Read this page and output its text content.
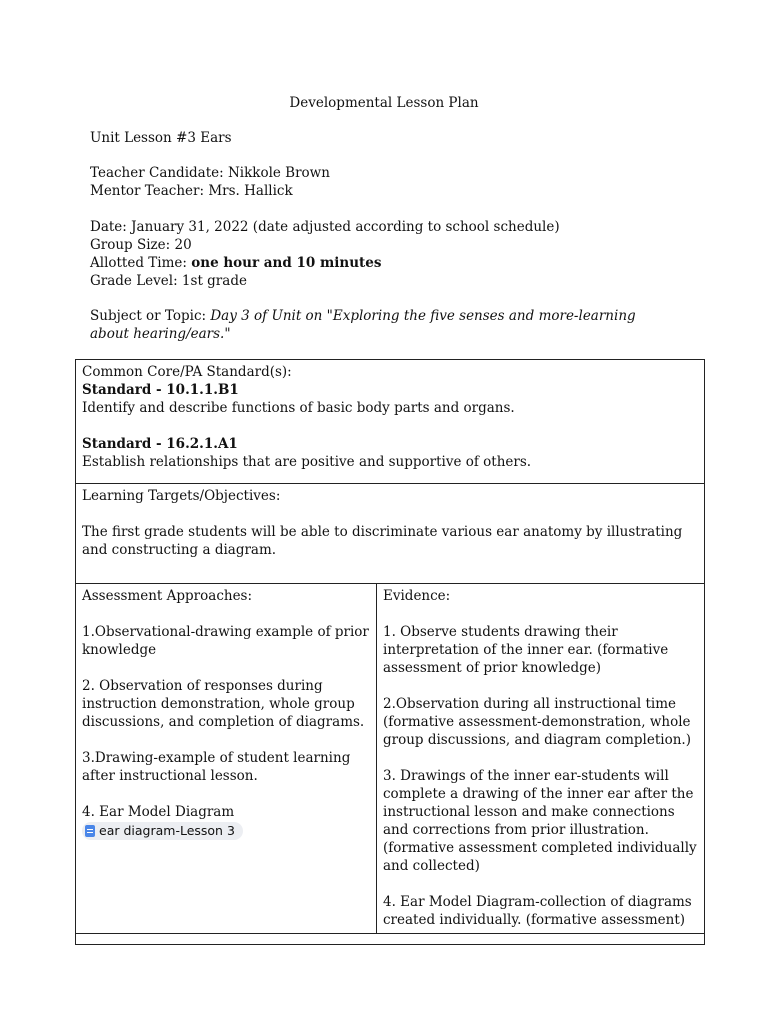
Developmental Lesson Plan
Unit Lesson #3 Ears
Teacher Candidate: Nikkole Brown
Mentor Teacher: Mrs. Hallick
Date: January 31, 2022 (date adjusted according to school schedule)
Group Size: 20
Allotted Time: one hour and 10 minutes
Grade Level: 1st grade
Subject or Topic: Day 3 of Unit on "Exploring the five senses and more-learning about hearing/ears."
Common Core/PA Standard(s):
Standard - 10.1.1.B1
Identify and describe functions of basic body parts and organs.
Standard - 16.2.1.A1
Establish relationships that are positive and supportive of others.

Learning Targets/Objectives:
The first grade students will be able to discriminate various ear anatomy by illustrating and constructing a diagram.

Assessment Approaches:
1.Observational-drawing example of prior knowledge
2. Observation of responses during instruction demonstration, whole group discussions, and completion of diagrams.
3.Drawing-example of student learning after instructional lesson.
4. Ear Model Diagram
ear diagram-Lesson 3

Evidence:
1. Observe students drawing their interpretation of the inner ear. (formative assessment of prior knowledge)
2.Observation during all instructional time (formative assessment-demonstration, whole group discussions, and diagram completion.)
3. Drawings of the inner ear-students will complete a drawing of the inner ear after the instructional lesson and make connections and corrections from prior illustration. (formative assessment completed individually and collected)
4. Ear Model Diagram-collection of diagrams created individually. (formative assessment)
